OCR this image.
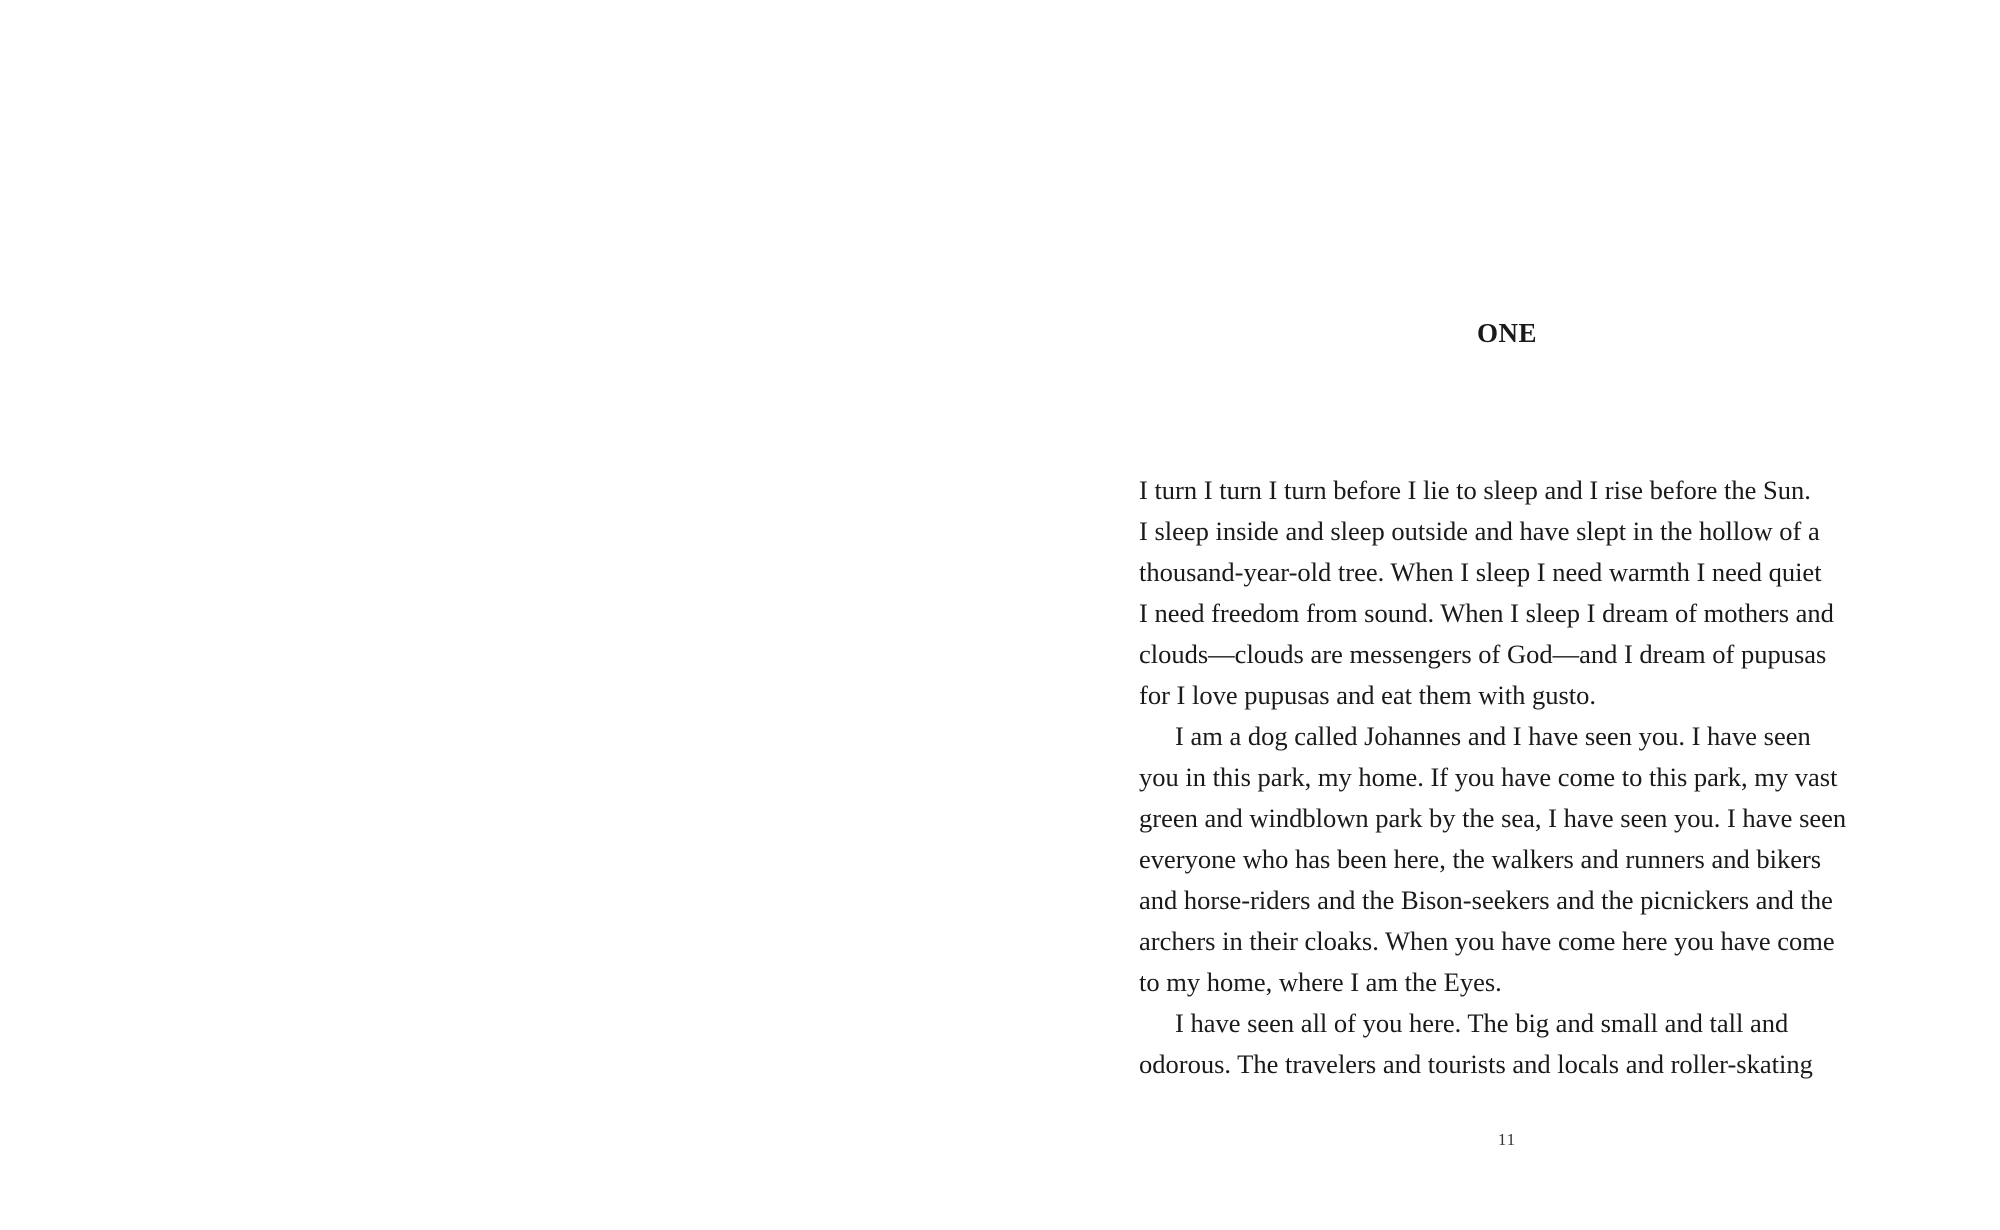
ONE
I turn I turn I turn before I lie to sleep and I rise before the Sun.
I sleep inside and sleep outside and have slept in the hollow of a
thousand-year-old tree. When I sleep I need warmth I need quiet
I need freedom from sound. When I sleep I dream of mothers and
clouds—clouds are messengers of God—and I dream of pupusas
for I love pupusas and eat them with gusto.
I am a dog called Johannes and I have seen you. I have seen
you in this park, my home. If you have come to this park, my vast
green and windblown park by the sea, I have seen you. I have seen
everyone who has been here, the walkers and runners and bikers
and horse-riders and the Bison-seekers and the picnickers and the
archers in their cloaks. When you have come here you have come
to my home, where I am the Eyes.
I have seen all of you here. The big and small and tall and
odorous. The travelers and tourists and locals and roller-skating
11
